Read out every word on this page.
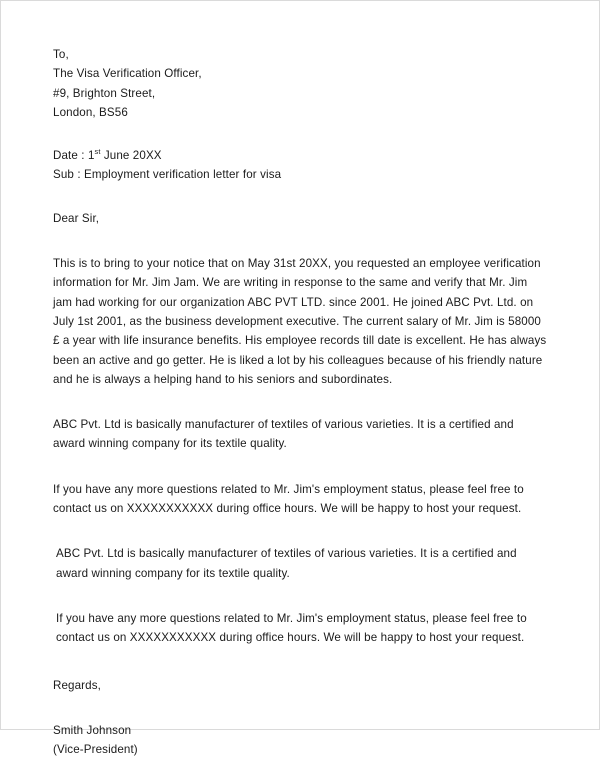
To,
The Visa Verification Officer,
#9, Brighton Street,
London, BS56
Date : 1st June 20XX
Sub : Employment verification letter for visa
Dear Sir,

This is to bring to your notice that on May 31st 20XX, you requested an employee verification information for Mr. Jim Jam. We are writing in response to the same and verify that Mr. Jim jam had working for our organization ABC PVT LTD. since 2001. He joined ABC Pvt. Ltd. on July 1st 2001, as the business development executive. The current salary of Mr. Jim is 58000 £ a year with life insurance benefits. His employee records till date is excellent. He has always been an active and go getter. He is liked a lot by his colleagues because of his friendly nature and he is always a helping hand to his seniors and subordinates.

ABC Pvt. Ltd is basically manufacturer of textiles of various varieties. It is a certified and award winning company for its textile quality.

If you have any more questions related to Mr. Jim's employment status, please feel free to contact us on XXXXXXXXXXX during office hours. We will be happy to host your request.

ABC Pvt. Ltd is basically manufacturer of textiles of various varieties. It is a certified and award winning company for its textile quality.

If you have any more questions related to Mr. Jim's employment status, please feel free to contact us on XXXXXXXXXXX during office hours. We will be happy to host your request.

Regards,
Smith Johnson
(Vice-President)
